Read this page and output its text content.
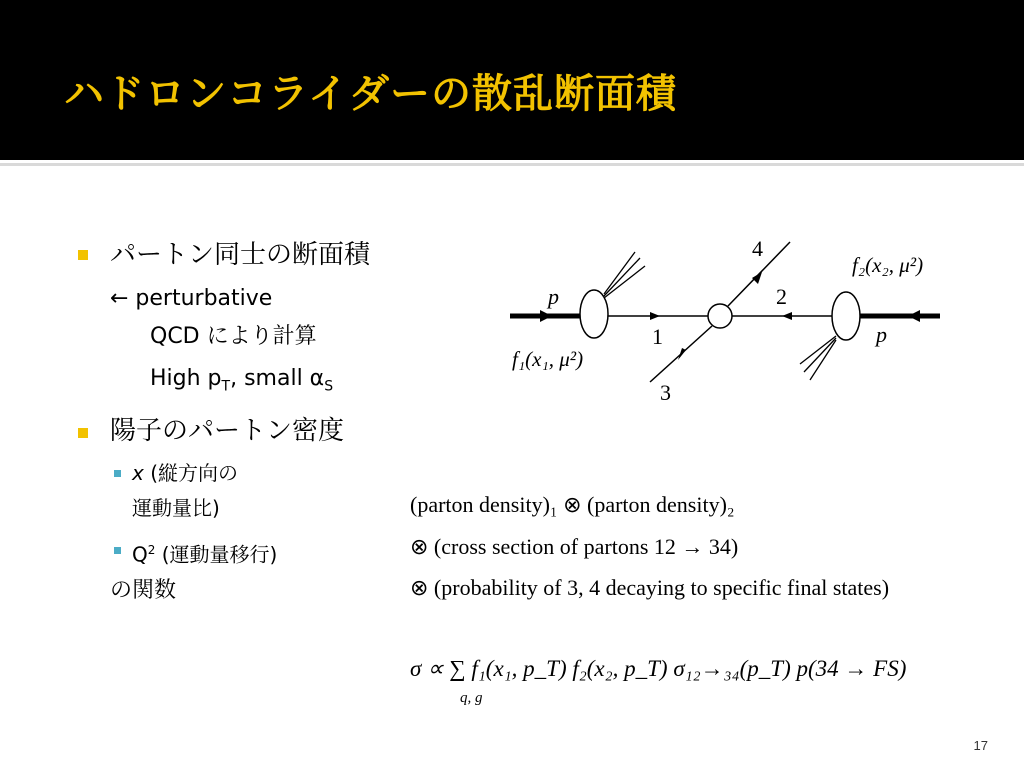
ハドロンコライダーの散乱断面積
パートン同士の断面積
← perturbative
QCD により計算
High $p_T$, small $\alpha_S$
陽子のパートン密度
x (縦方向の
運動量比)
$Q^2$ (運動量移行)
の関数
p
p
1
2
3
4
f₁(x₁, μ²)
f₂(x₂, μ²)
(parton density)₁ ⊗ (parton density)₂
⊗ (cross section of partons 12 → 34)
⊗ (probability of 3, 4 decaying to specific final states)
σ ∝ ∑ f₁(x₁, p_T) f₂(x₂, p_T) σ₁₂→₃₄(p_T) p(34 → FS)
q, g
17
